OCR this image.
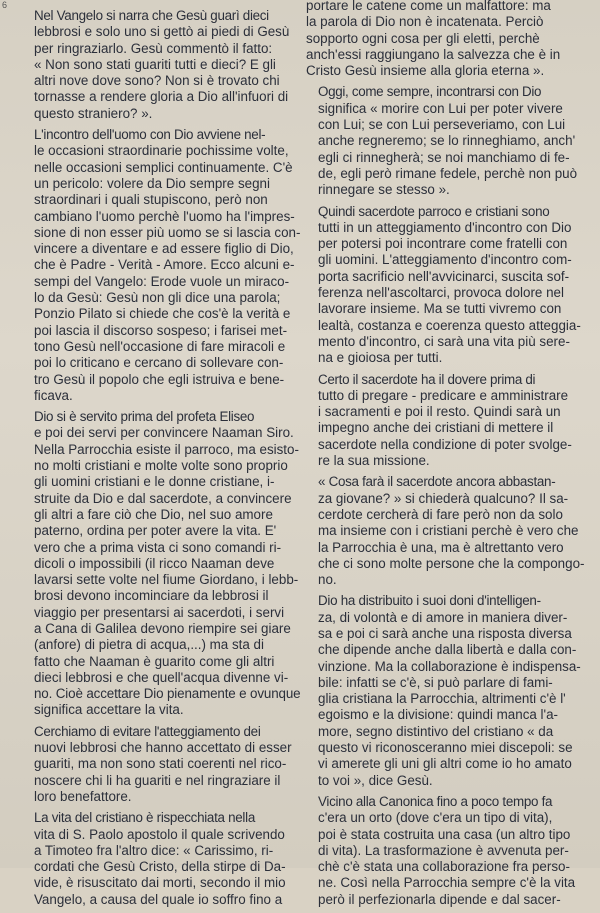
6

Nel Vangelo si narra che Gesù guarì dieci
lebbrosi e solo uno si gettò ai piedi di Gesù
per ringraziarlo. Gesù commentò il fatto:
« Non sono stati guariti tutti e dieci? E gli
altri nove dove sono? Non si è trovato chi
tornasse a rendere gloria a Dio all'infuori di
questo straniero? ».

L'incontro dell'uomo con Dio avviene nel-
le occasioni straordinarie pochissime volte,
nelle occasioni semplici continuamente. C'è
un pericolo: volere da Dio sempre segni
straordinari i quali stupiscono, però non
cambiano l'uomo perchè l'uomo ha l'impres-
sione di non esser più uomo se si lascia con-
vincere a diventare e ad essere figlio di Dio,
che è Padre - Verità - Amore. Ecco alcuni e-
sempi del Vangelo: Erode vuole un miraco-
lo da Gesù: Gesù non gli dice una parola;
Ponzio Pilato si chiede che cos'è la verità e
poi lascia il discorso sospeso; i farisei met-
tono Gesù nell'occasione di fare miracoli e
poi lo criticano e cercano di sollevare con-
tro Gesù il popolo che egli istruiva e bene-
ficava.

Dio si è servito prima del profeta Eliseo
e poi dei servi per convincere Naaman Siro.
Nella Parrocchia esiste il parroco, ma esisto-
no molti cristiani e molte volte sono proprio
gli uomini cristiani e le donne cristiane, i-
struite da Dio e dal sacerdote, a convincere
gli altri a fare ciò che Dio, nel suo amore
paterno, ordina per poter avere la vita. E'
vero che a prima vista ci sono comandi ri-
dicoli o impossibili (il ricco Naaman deve
lavarsi sette volte nel fiume Giordano, i lebb-
brosi devono incominciare da lebbrosi il
viaggio per presentarsi ai sacerdoti, i servi
a Cana di Galilea devono riempire sei giare
(anfore) di pietra di acqua,...) ma sta di
fatto che Naaman è guarito come gli altri
dieci lebbrosi e che quell'acqua divenne vi-
no. Cioè accettare Dio pienamente e ovunque
significa accettare la vita.

Cerchiamo di evitare l'atteggiamento dei
nuovi lebbrosi che hanno accettato di esser
guariti, ma non sono stati coerenti nel rico-
noscere chi li ha guariti e nel ringraziare il
loro benefattore.

La vita del cristiano è rispecchiata nella
vita di S. Paolo apostolo il quale scrivendo
a Timoteo fra l'altro dice: « Carissimo, ri-
cordati che Gesù Cristo, della stirpe di Da-
vide, è risuscitato dai morti, secondo il mio
Vangelo, a causa del quale io soffro fino a

portare le catene come un malfattore: ma
la parola di Dio non è incatenata. Perciò
sopporto ogni cosa per gli eletti, perchè
anch'essi raggiungano la salvezza che è in
Cristo Gesù insieme alla gloria eterna ».

Oggi, come sempre, incontrarsi con Dio
significa « morire con Lui per poter vivere
con Lui; se con Lui perseveriamo, con Lui
anche regneremo; se lo rinneghiamo, anch'
egli ci rinnegherà; se noi manchiamo di fe-
de, egli però rimane fedele, perchè non può
rinnegare se stesso ».

Quindi sacerdote parroco e cristiani sono
tutti in un atteggiamento d'incontro con Dio
per potersi poi incontrare come fratelli con
gli uomini. L'atteggiamento d'incontro com-
porta sacrificio nell'avvicinarci, suscita sof-
ferenza nell'ascoltarci, provoca dolore nel
lavorare insieme. Ma se tutti vivremo con
lealtà, costanza e coerenza questo atteggia-
mento d'incontro, ci sarà una vita più sere-
na e gioiosa per tutti.

Certo il sacerdote ha il dovere prima di
tutto di pregare - predicare e amministrare
i sacramenti e poi il resto. Quindi sarà un
impegno anche dei cristiani di mettere il
sacerdote nella condizione di poter svolge-
re la sua missione.

« Cosa farà il sacerdote ancora abbastan-
za giovane? » si chiederà qualcuno? Il sa-
cerdote cercherà di fare però non da solo
ma insieme con i cristiani perchè è vero che
la Parrocchia è una, ma è altrettanto vero
che ci sono molte persone che la compongo-
no.

Dio ha distribuito i suoi doni d'intelligen-
za, di volontà e di amore in maniera diver-
sa e poi ci sarà anche una risposta diversa
che dipende anche dalla libertà e dalla con-
vinzione. Ma la collaborazione è indispensa-
bile: infatti se c'è, si può parlare di fami-
glia cristiana la Parrocchia, altrimenti c'è l'
egoismo e la divisione: quindi manca l'a-
more, segno distintivo del cristiano « da
questo vi riconosceranno miei discepoli: se
vi amerete gli uni gli altri come io ho amato
to voi », dice Gesù.

Vicino alla Canonica fino a poco tempo fa
c'era un orto (dove c'era un tipo di vita),
poi è stata costruita una casa (un altro tipo
di vita). La trasformazione è avvenuta per-
chè c'è stata una collaborazione fra perso-
ne. Così nella Parrocchia sempre c'è la vita
però il perfezionarla dipende e dal sacer-
